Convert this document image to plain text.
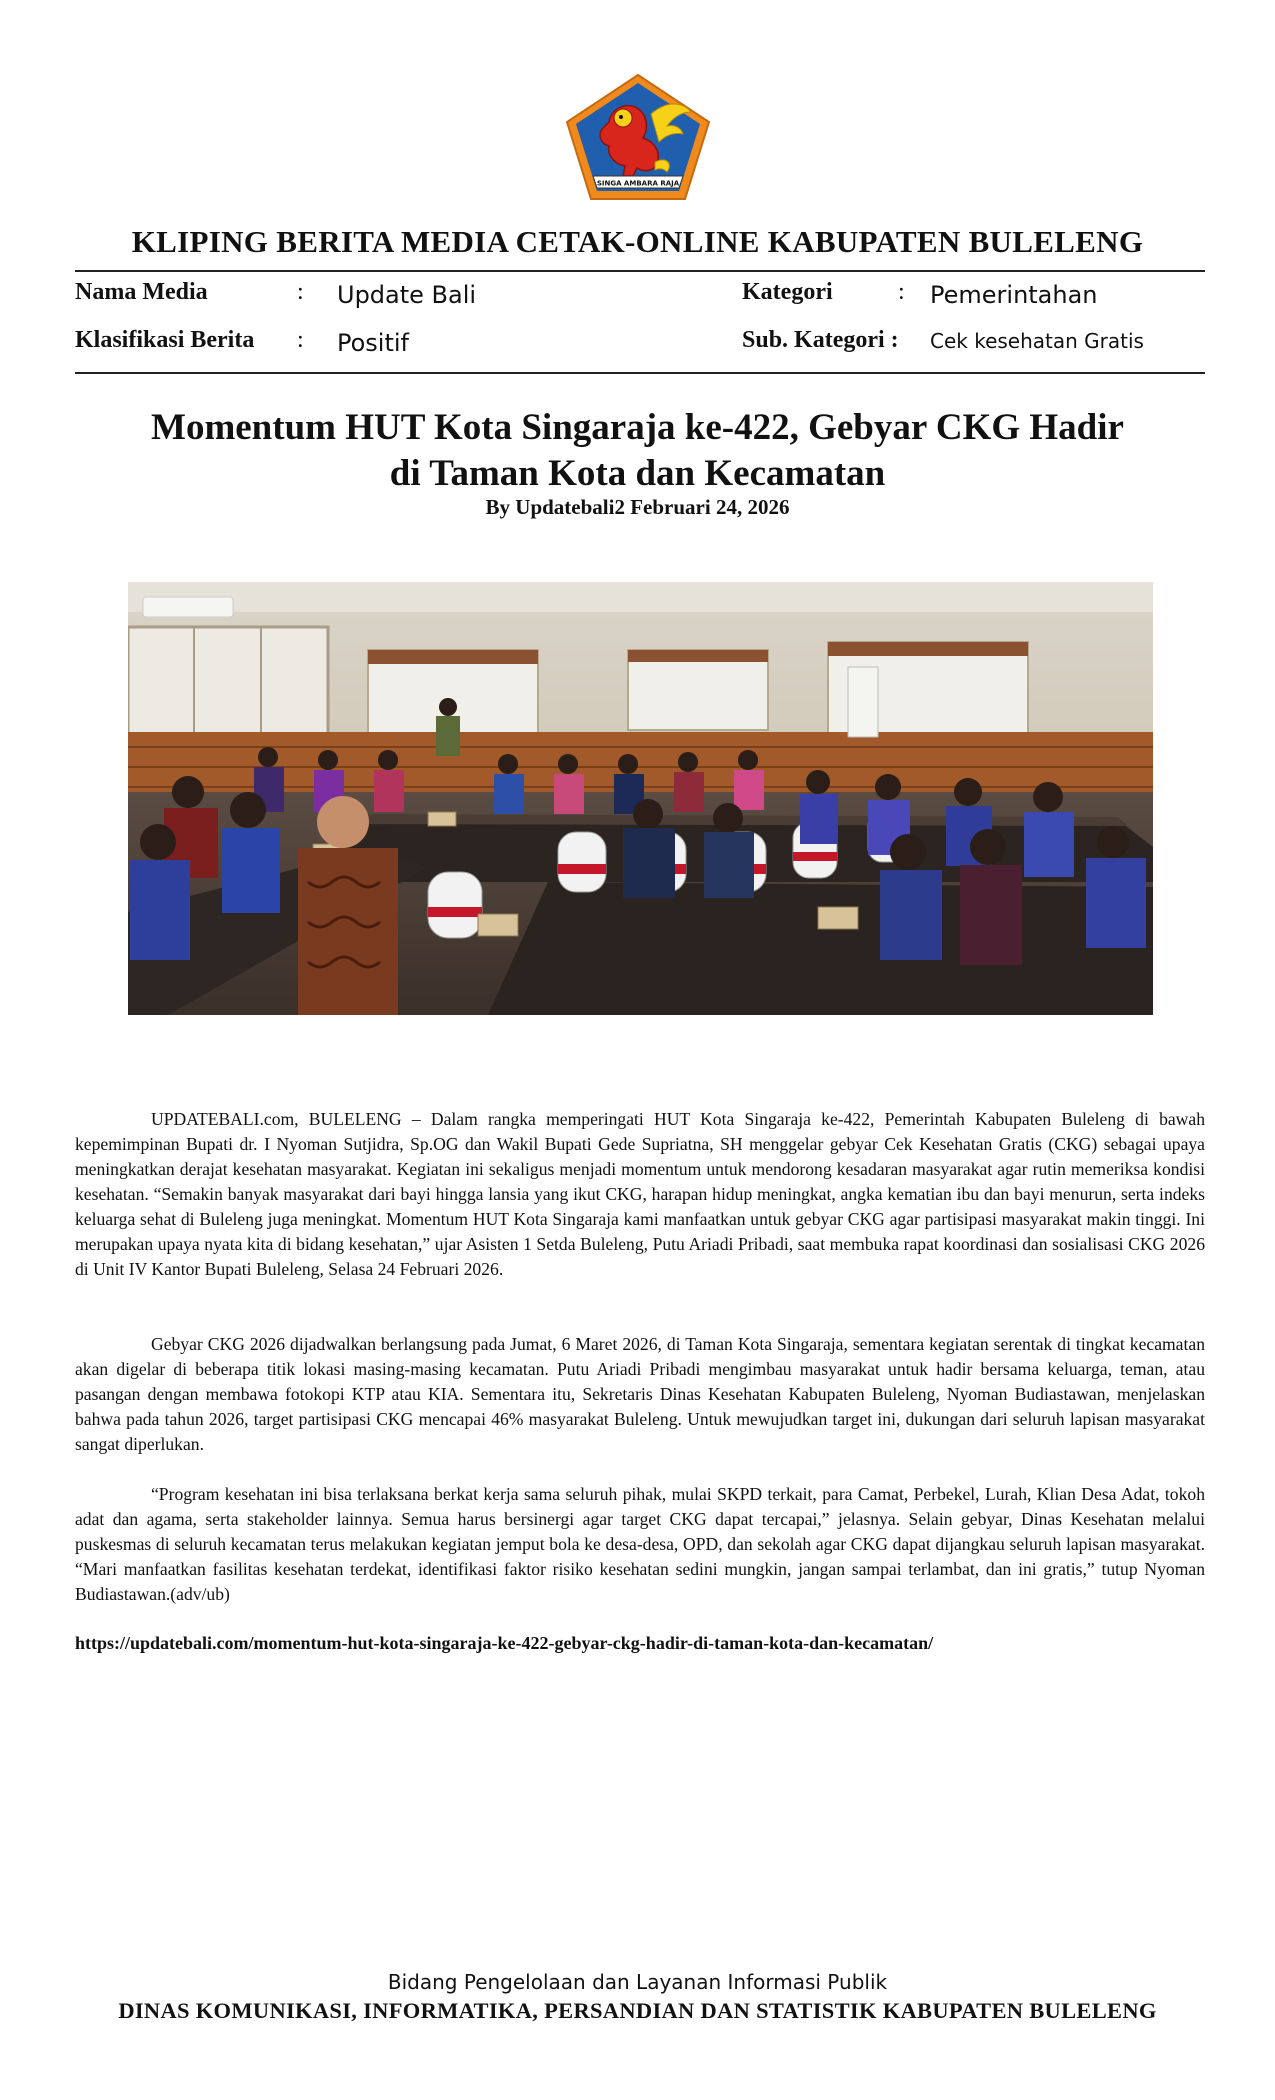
SINGA AMBARA RAJA
KLIPING BERITA MEDIA CETAK-ONLINE KABUPATEN BULELENG
Nama Media	: Update Bali
Klasifikasi Berita : Positif
Kategori	: Pemerintahan
Sub. Kategori : Cek kesehatan Gratis
Momentum HUT Kota Singaraja ke-422, Gebyar CKG Hadir
di Taman Kota dan Kecamatan
By Updatebali2 Februari 24, 2026

UPDATEBALI.com, BULELENG – Dalam rangka memperingati HUT Kota Singaraja ke-422, Pemerintah Kabupaten Buleleng di bawah kepemimpinan Bupati dr. I Nyoman Sutjidra, Sp.OG dan Wakil Bupati Gede Supriatna, SH menggelar gebyar Cek Kesehatan Gratis (CKG) sebagai upaya meningkatkan derajat kesehatan masyarakat. Kegiatan ini sekaligus menjadi momentum untuk mendorong kesadaran masyarakat agar rutin memeriksa kondisi kesehatan. “Semakin banyak masyarakat dari bayi hingga lansia yang ikut CKG, harapan hidup meningkat, angka kematian ibu dan bayi menurun, serta indeks keluarga sehat di Buleleng juga meningkat. Momentum HUT Kota Singaraja kami manfaatkan untuk gebyar CKG agar partisipasi masyarakat makin tinggi. Ini merupakan upaya nyata kita di bidang kesehatan,” ujar Asisten 1 Setda Buleleng, Putu Ariadi Pribadi, saat membuka rapat koordinasi dan sosialisasi CKG 2026 di Unit IV Kantor Bupati Buleleng, Selasa 24 Februari 2026.

Gebyar CKG 2026 dijadwalkan berlangsung pada Jumat, 6 Maret 2026, di Taman Kota Singaraja, sementara kegiatan serentak di tingkat kecamatan akan digelar di beberapa titik lokasi masing-masing kecamatan. Putu Ariadi Pribadi mengimbau masyarakat untuk hadir bersama keluarga, teman, atau pasangan dengan membawa fotokopi KTP atau KIA. Sementara itu, Sekretaris Dinas Kesehatan Kabupaten Buleleng, Nyoman Budiastawan, menjelaskan bahwa pada tahun 2026, target partisipasi CKG mencapai 46% masyarakat Buleleng. Untuk mewujudkan target ini, dukungan dari seluruh lapisan masyarakat sangat diperlukan.

“Program kesehatan ini bisa terlaksana berkat kerja sama seluruh pihak, mulai SKPD terkait, para Camat, Perbekel, Lurah, Klian Desa Adat, tokoh adat dan agama, serta stakeholder lainnya. Semua harus bersinergi agar target CKG dapat tercapai,” jelasnya. Selain gebyar, Dinas Kesehatan melalui puskesmas di seluruh kecamatan terus melakukan kegiatan jemput bola ke desa-desa, OPD, dan sekolah agar CKG dapat dijangkau seluruh lapisan masyarakat. “Mari manfaatkan fasilitas kesehatan terdekat, identifikasi faktor risiko kesehatan sedini mungkin, jangan sampai terlambat, dan ini gratis,” tutup Nyoman Budiastawan.(adv/ub)

https://updatebali.com/momentum-hut-kota-singaraja-ke-422-gebyar-ckg-hadir-di-taman-kota-dan-kecamatan/
Bidang Pengelolaan dan Layanan Informasi Publik
DINAS KOMUNIKASI, INFORMATIKA, PERSANDIAN DAN STATISTIK KABUPATEN BULELENG
